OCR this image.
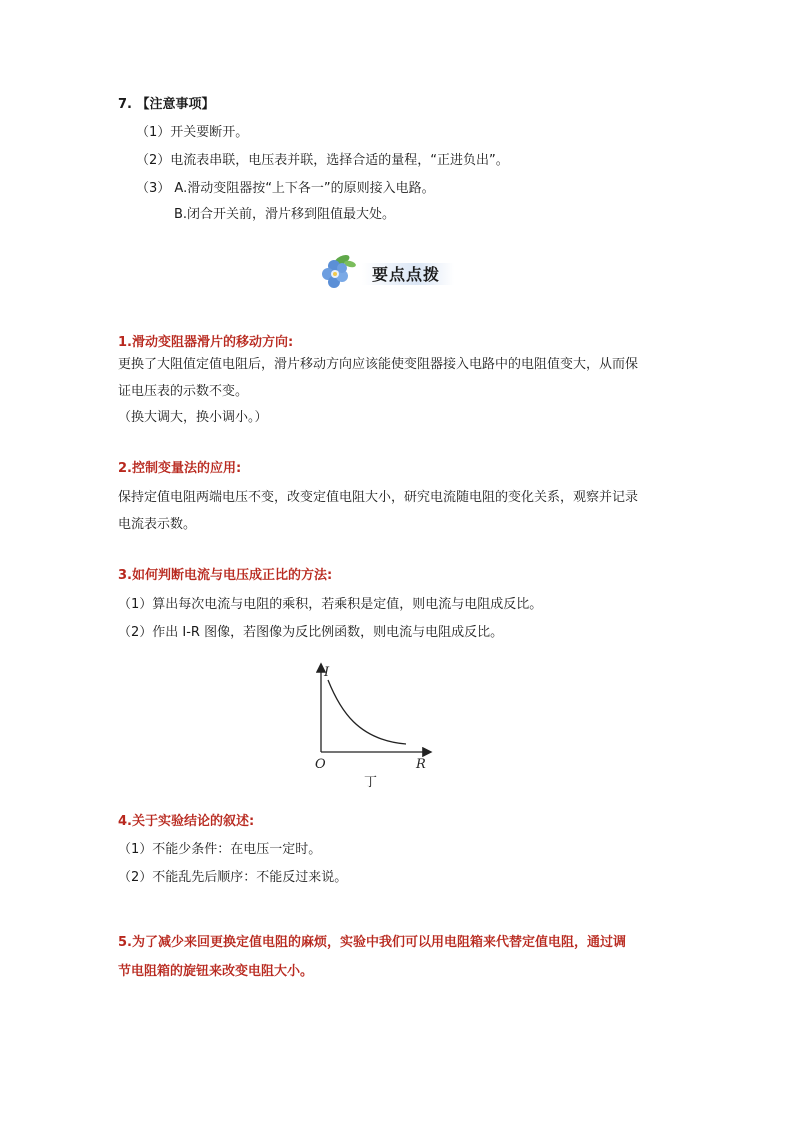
7. 【注意事项】
（1）开关要断开。
（2）电流表串联，电压表并联，选择合适的量程，“正进负出”。
（3） A.滑动变阻器按“上下各一”的原则接入电路。
B.闭合开关前，滑片移到阻值最大处。
要点点拨
1.滑动变阻器滑片的移动方向:
更换了大阻值定值电阻后，滑片移动方向应该能使变阻器接入电路中的电阻值变大，从而保
证电压表的示数不变。
（换大调大，换小调小。）
2.控制变量法的应用:
保持定值电阻两端电压不变，改变定值电阻大小，研究电流随电阻的变化关系，观察并记录
电流表示数。
3.如何判断电流与电压成正比的方法:
（1）算出每次电流与电阻的乘积，若乘积是定值，则电流与电阻成反比。
（2）作出 I-R 图像，若图像为反比例函数，则电流与电阻成反比。
I
O	R
丁
4.关于实验结论的叙述:
（1）不能少条件：在电压一定时。
（2）不能乱先后顺序：不能反过来说。
5.为了减少来回更换定值电阻的麻烦，实验中我们可以用电阻箱来代替定值电阻，通过调
节电阻箱的旋钮来改变电阻大小。
